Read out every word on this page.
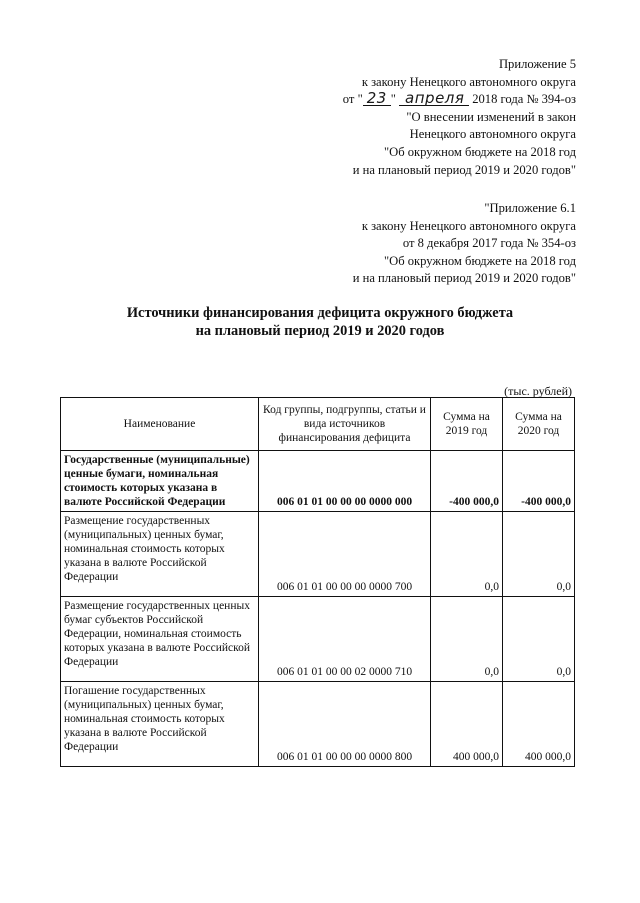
Приложение 5
к закону Ненецкого автономного округа
от " 23 " апреля 2018 года № 394-оз
"О внесении изменений в закон
Ненецкого автономного округа
"Об окружном бюджете на 2018 год
и на плановый период 2019 и 2020 годов"
"Приложение 6.1
к закону Ненецкого автономного округа
от 8 декабря 2017 года № 354-оз
"Об окружном бюджете на 2018 год
и на плановый период 2019 и 2020 годов"
Источники финансирования дефицита окружного бюджета
на плановый период 2019 и 2020 годов
(тыс. рублей)
Наименование	Код группы, подгруппы, статьи и вида источников финансирования дефицита	Сумма на 2019 год	Сумма на 2020 год
Государственные (муниципальные) ценные бумаги, номинальная стоимость которых указана в валюте Российской Федерации	006 01 01 00 00 00 0000 000	-400 000,0	-400 000,0
Размещение государственных (муниципальных) ценных бумаг, номинальная стоимость которых указана в валюте Российской Федерации	006 01 01 00 00 00 0000 700	0,0	0,0
Размещение государственных ценных бумаг субъектов Российской Федерации, номинальная стоимость которых указана в валюте Российской Федерации	006 01 01 00 00 02 0000 710	0,0	0,0
Погашение государственных (муниципальных) ценных бумаг, номинальная стоимость которых указана в валюте Российской Федерации	006 01 01 00 00 00 0000 800	400 000,0	400 000,0
